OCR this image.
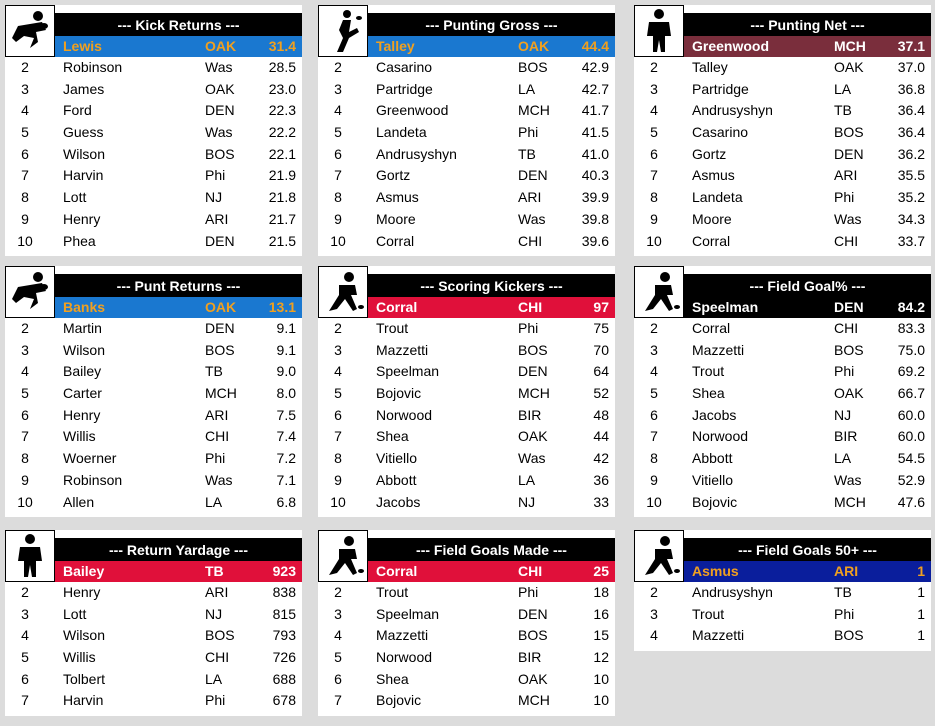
--- Kick Returns ---
Lewis	OAK 31.4
2	Robinson	Was	28.5
3	James	OAK 23.0
4	Ford	DEN 22.3
5	Guess	Was	22.2
6	Wilson	BOS 22.1
7	Harvin	Phi	21.9
8	Lott	NJ	21.8
9	Henry	ARI	21.7
10 Phea	DEN 21.5
--- Punting Gross ---
Talley	OAK 44.4
2	Casarino	BOS 42.9
3	Partridge	LA	42.7
4	Greenwood	MCH 41.7
5	Landeta	Phi	41.5
6	Andrusyshyn	TB	41.0
7	Gortz	DEN 40.3
8	Asmus	ARI	39.9
9	Moore	Was	39.8
10 Corral	CHI	39.6
--- Punting Net ---
Greenwood	MCH 37.1
2	Talley	OAK 37.0
3	Partridge	LA	36.8
4	Andrusyshyn	TB	36.4
5	Casarino	BOS 36.4
6	Gortz	DEN 36.2
7	Asmus	ARI	35.5
8	Landeta	Phi	35.2
9	Moore	Was	34.3
10 Corral	CHI	33.7
--- Punt Returns ---
Banks	OAK 13.1
2	Martin	DEN	9.1
3	Wilson	BOS	9.1
4	Bailey	TB	9.0
5	Carter	MCH	8.0
6	Henry	ARI	7.5
7	Willis	CHI	7.4
8	Woerner	Phi	7.2
9	Robinson	Was	7.1
10 Allen	LA	6.8
--- Scoring Kickers ---
Corral	CHI	97
2	Trout	Phi	75
3	Mazzetti	BOS	70
4	Speelman	DEN	64
5	Bojovic	MCH	52
6	Norwood	BIR	48
7	Shea	OAK	44
8	Vitiello	Was	42
9	Abbott	LA	36
10 Jacobs	NJ	33
--- Field Goal% ---
Speelman	DEN 84.2
2	Corral	CHI	83.3
3	Mazzetti	BOS 75.0
4	Trout	Phi	69.2
5	Shea	OAK 66.7
6	Jacobs	NJ	60.0
7	Norwood	BIR	60.0
8	Abbott	LA	54.5
9	Vitiello	Was	52.9
10 Bojovic	MCH 47.6
--- Return Yardage ---
Bailey	TB	923
2	Henry	ARI	838
3	Lott	NJ	815
4	Wilson	BOS	793
5	Willis	CHI	726
6	Tolbert	LA	688
7	Harvin	Phi	678
--- Field Goals Made ---
Corral	CHI	25
2	Trout	Phi	18
3	Speelman	DEN	16
4	Mazzetti	BOS	15
5	Norwood	BIR	12
6	Shea	OAK	10
7	Bojovic	MCH	10
--- Field Goals 50+ ---
Asmus	ARI	1
2	Andrusyshyn	TB	1
3	Trout	Phi	1
4	Mazzetti	BOS	1
